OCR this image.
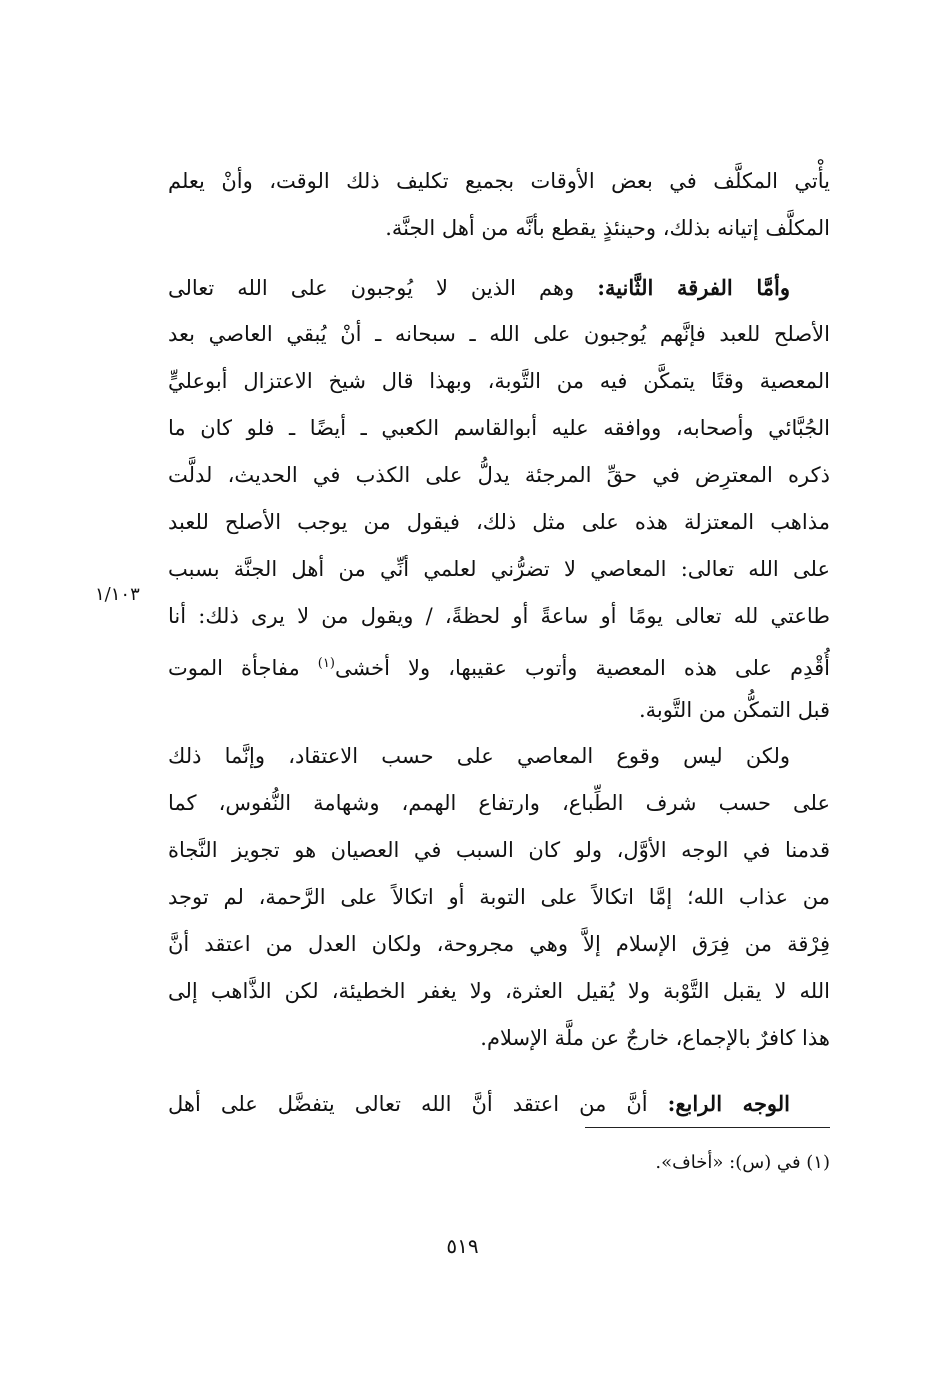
يأْتي المكلَّف في بعض الأوقات بجميع تكليف ذلك الوقت، وأنْ يعلم
المكلَّف إتيانه بذلك، وحينئذٍ يقطع بأنَّه من أهل الجنَّة.
وأمَّا الفرقة الثَّانية: وهم الذين لا يُوجبون على الله تعالى
الأصلح للعبد فإنَّهم يُوجبون على الله ـ سبحانه ـ أنْ يُبقي العاصي بعد
المعصية وقتًا يتمكَّن فيه من التَّوبة، وبهذا قال شيخ الاعتزال أبوعليٍّ
الجُبَّائي وأصحابه، ووافقه عليه أبوالقاسم الكعبي ـ أيضًا ـ فلو كان ما
ذكره المعترِض في حقِّ المرجئة يدلُّ على الكذب في الحديث، لدلَّت
مذاهب المعتزلة هذه على مثل ذلك، فيقول من يوجب الأصلح للعبد
على الله تعالى: المعاصي لا تضرُّني لعلمي أنِّي من أهل الجنَّة بسبب
طاعتي لله تعالى يومًا أو ساعةً أو لحظةً، / ويقول من لا يرى ذلك: أنا
أُقْدِم على هذه المعصية وأتوب عقيبها، ولا أخشى$^{(١)}$ مفاجأة الموت
قبل التمكُّن من التَّوبة.
ولكن ليس وقوع المعاصي على حسب الاعتقاد، وإنَّما ذلك
على حسب شرف الطِّباع، وارتفاع الهمم، وشهامة النُّفوس، كما
قدمنا في الوجه الأوَّل، ولو كان السبب في العصيان هو تجويز النَّجاة
من عذاب الله؛ إمَّا اتكالاً على التوبة أو اتكالاً على الرَّحمة، لم توجد
فِرْقة من فِرَق الإسلام إلاَّ وهي مجروحة، ولكان العدل من اعتقد أنَّ
الله لا يقبل التَّوْبة ولا يُقيل العثرة، ولا يغفر الخطيئة، لكن الذَّاهب إلى
هذا كافرٌ بالإجماع، خارجٌ عن ملَّة الإسلام.
الوجه الرابع: أنَّ من اعتقد أنَّ الله تعالى يتفضَّل على أهل
١/١٠٣
(١) في (س): «أخاف».
٥١٩
